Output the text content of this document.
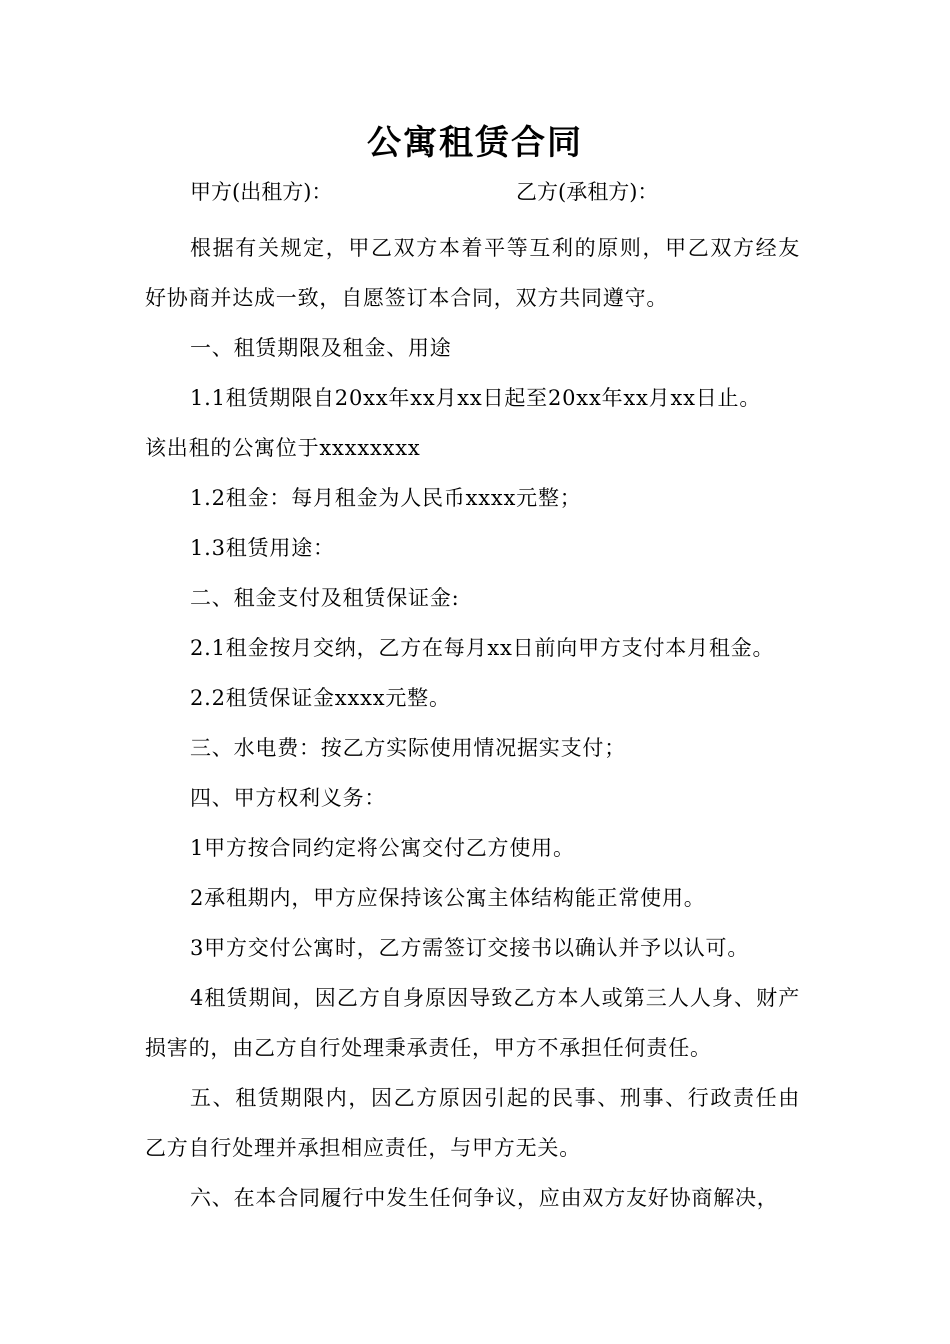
公寓租赁合同
甲方(出租方)：	乙方(承租方)：

根据有关规定，甲乙双方本着平等互利的原则，甲乙双方经友好协商并达成一致，自愿签订本合同，双方共同遵守。

一、租赁期限及租金、用途

1.1租赁期限自20xx年xx月xx日起至20xx年xx月xx日止。

该出租的公寓位于xxxxxxxx

1.2租金：每月租金为人民币xxxx元整；

1.3租赁用途：

二、租金支付及租赁保证金:

2.1租金按月交纳，乙方在每月xx日前向甲方支付本月租金。

2.2租赁保证金xxxx元整。

三、水电费：按乙方实际使用情况据实支付；

四、甲方权利义务：

1甲方按合同约定将公寓交付乙方使用。

2承租期内，甲方应保持该公寓主体结构能正常使用。

3甲方交付公寓时，乙方需签订交接书以确认并予以认可。

4租赁期间，因乙方自身原因导致乙方本人或第三人人身、财产损害的，由乙方自行处理秉承责任，甲方不承担任何责任。

五、租赁期限内，因乙方原因引起的民事、刑事、行政责任由乙方自行处理并承担相应责任，与甲方无关。

六、在本合同履行中发生任何争议，应由双方友好协商解决，
